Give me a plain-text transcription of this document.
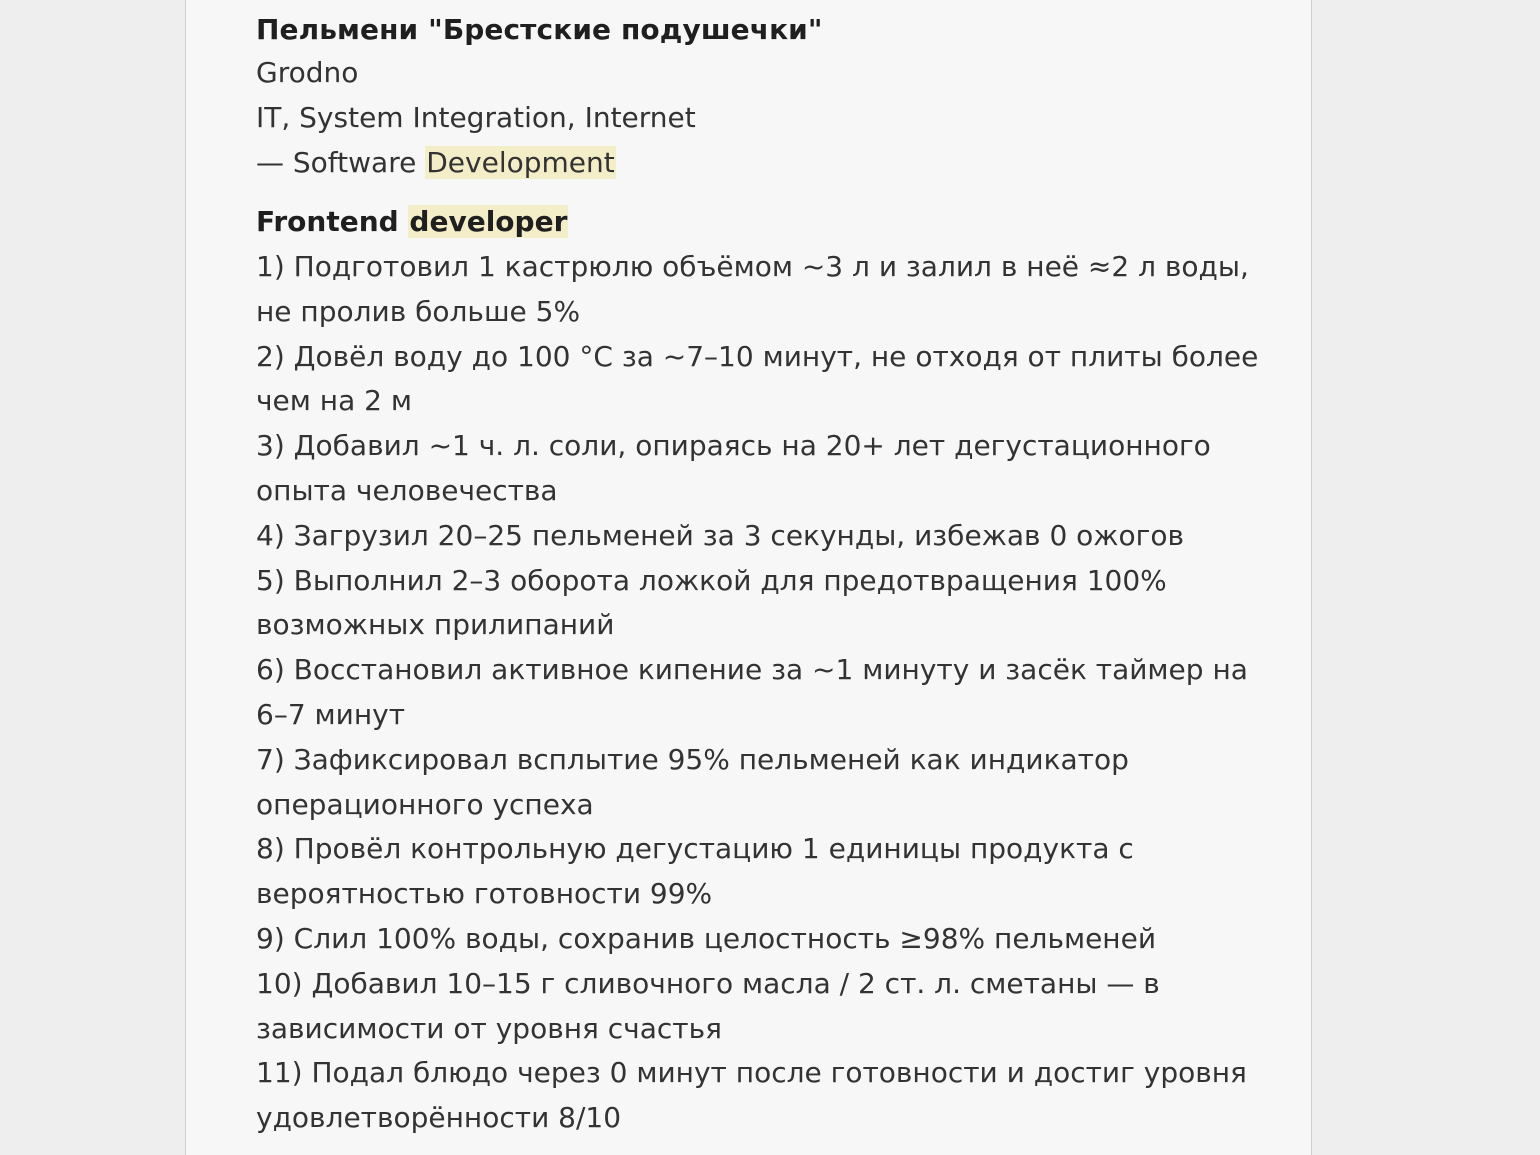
Пельмени "Брестские подушечки"
Grodno
IT, System Integration, Internet
— Software Development
Frontend developer
1) Подготовил 1 кастрюлю объёмом ~3 л и залил в неё ≈2 л воды, не пролив больше 5%
2) Довёл воду до 100 °С за ~7–10 минут, не отходя от плиты более чем на 2 м
3) Добавил ~1 ч. л. соли, опираясь на 20+ лет дегустационного опыта человечества
4) Загрузил 20–25 пельменей за 3 секунды, избежав 0 ожогов
5) Выполнил 2–3 оборота ложкой для предотвращения 100% возможных прилипаний
6) Восстановил активное кипение за ~1 минуту и засёк таймер на 6–7 минут
7) Зафиксировал всплытие 95% пельменей как индикатор операционного успеха
8) Провёл контрольную дегустацию 1 единицы продукта с вероятностью готовности 99%
9) Слил 100% воды, сохранив целостность ≥98% пельменей
10) Добавил 10–15 г сливочного масла / 2 ст. л. сметаны — в зависимости от уровня счастья
11) Подал блюдо через 0 минут после готовности и достиг уровня удовлетворённости 8/10
